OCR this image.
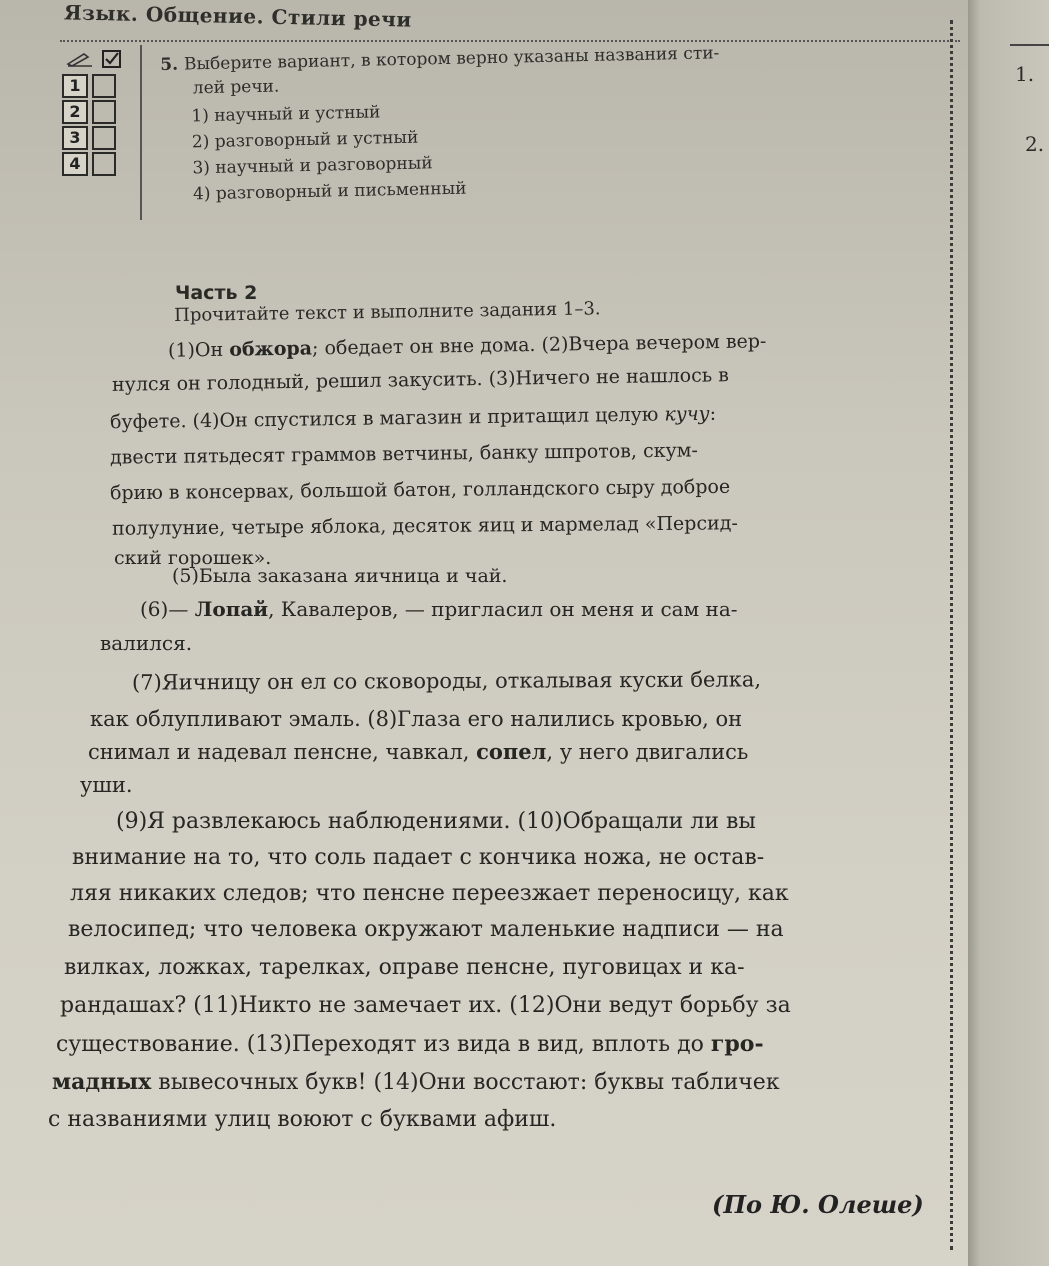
1.
2.
Язык. Общение. Стили речи
1
2
3
4
5. Выберите вариант, в котором верно указаны названия сти-
лей речи.
1) научный и устный
2) разговорный и устный
3) научный и разговорный
4) разговорный и письменный
Часть 2
Прочитайте текст и выполните задания 1–3.
(1)Он обжора; обедает он вне дома. (2)Вчера вечером вер-
нулся он голодный, решил закусить. (3)Ничего не нашлось в
буфете. (4)Он спустился в магазин и притащил целую кучу:
двести пятьдесят граммов ветчины, банку шпротов, скум-
брию в консервах, большой батон, голландского сыру доброе
полулуние, четыре яблока, десяток яиц и мармелад «Персид-
ский горошек».
(5)Была заказана яичница и чай.
(6)— Лопай, Кавалеров, — пригласил он меня и сам на-
валился.
(7)Яичницу он ел со сковороды, откалывая куски белка,
как облупливают эмаль. (8)Глаза его налились кровью, он
снимал и надевал пенсне, чавкал, сопел, у него двигались
уши.
(9)Я развлекаюсь наблюдениями. (10)Обращали ли вы
внимание на то, что соль падает с кончика ножа, не остав-
ляя никаких следов; что пенсне переезжает переносицу, как
велосипед; что человека окружают маленькие надписи — на
вилках, ложках, тарелках, оправе пенсне, пуговицах и ка-
рандашах? (11)Никто не замечает их. (12)Они ведут борьбу за
существование. (13)Переходят из вида в вид, вплоть до гро-
мадных вывесочных букв! (14)Они восстают: буквы табличек
с названиями улиц воюют с буквами афиш.
(По Ю. Олеше)
